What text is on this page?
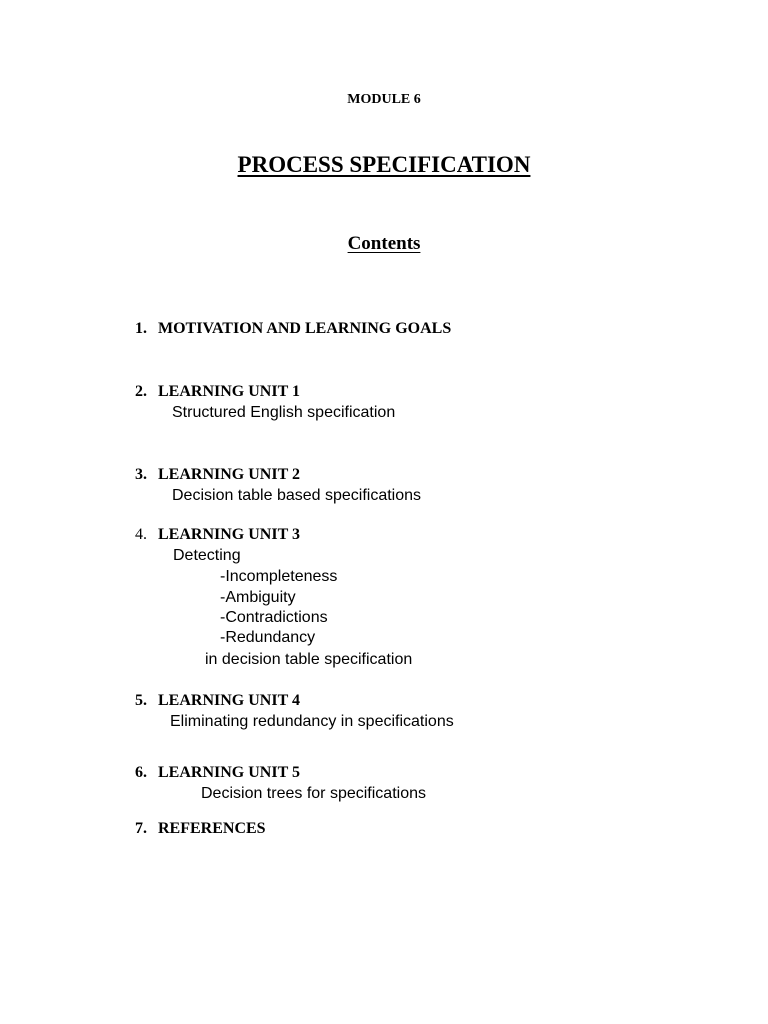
MODULE 6
PROCESS SPECIFICATION
Contents
1. MOTIVATION AND LEARNING GOALS
2. LEARNING UNIT 1
Structured English specification
3. LEARNING UNIT 2
Decision table based specifications
4. LEARNING UNIT 3
Detecting
-Incompleteness
-Ambiguity
-Contradictions
-Redundancy
in decision table specification
5. LEARNING UNIT 4
Eliminating redundancy in specifications
6. LEARNING UNIT 5
Decision trees for specifications
7. REFERENCES
